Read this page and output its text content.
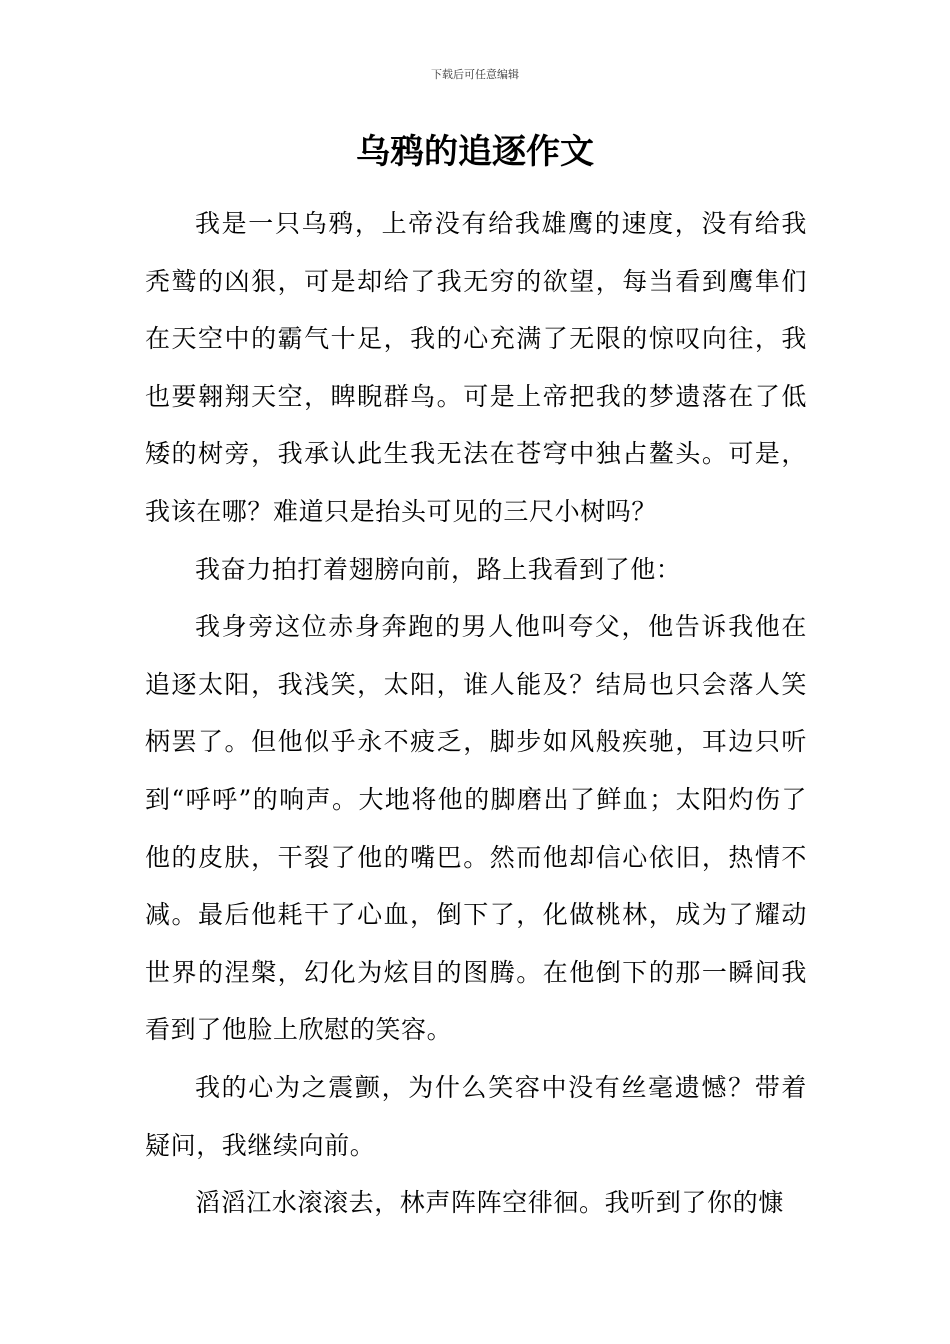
下载后可任意编辑
乌鸦的追逐作文

我是一只乌鸦，上帝没有给我雄鹰的速度，没有给我秃鹫的凶狠，可是却给了我无穷的欲望，每当看到鹰隼们在天空中的霸气十足，我的心充满了无限的惊叹向往，我也要翱翔天空，睥睨群鸟。可是上帝把我的梦遗落在了低矮的树旁，我承认此生我无法在苍穹中独占鳌头。可是，我该在哪？难道只是抬头可见的三尺小树吗？

我奋力拍打着翅膀向前，路上我看到了他：

我身旁这位赤身奔跑的男人他叫夸父，他告诉我他在追逐太阳，我浅笑，太阳，谁人能及？结局也只会落人笑柄罢了。但他似乎永不疲乏，脚步如风般疾驰，耳边只听到“呼呼”的响声。大地将他的脚磨出了鲜血；太阳灼伤了他的皮肤，干裂了他的嘴巴。然而他却信心依旧，热情不减。最后他耗干了心血，倒下了，化做桃林，成为了耀动世界的涅槃，幻化为炫目的图腾。在他倒下的那一瞬间我看到了他脸上欣慰的笑容。

我的心为之震颤，为什么笑容中没有丝毫遗憾？带着疑问，我继续向前。

滔滔江水滚滚去，林声阵阵空徘徊。我听到了你的慷
